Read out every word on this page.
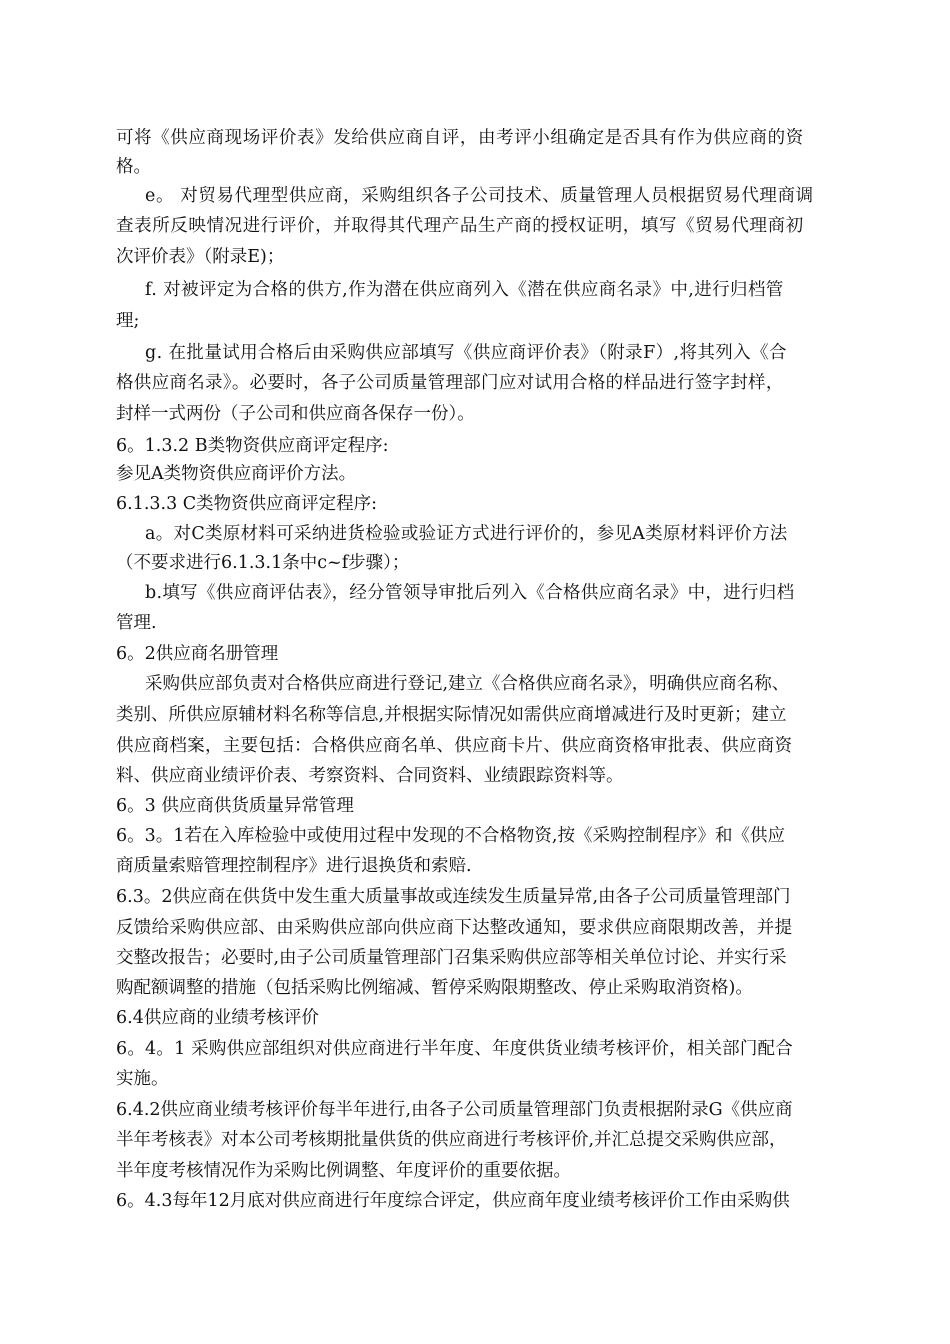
可将《供应商现场评价表》发给供应商自评，由考评小组确定是否具有作为供应商的资
格。
e。 对贸易代理型供应商，采购组织各子公司技术、质量管理人员根据贸易代理商调
查表所反映情况进行评价，并取得其代理产品生产商的授权证明，填写《贸易代理商初
次评价表》（附录E)；
f. 对被评定为合格的供方,作为潜在供应商列入《潜在供应商名录》中,进行归档管
理;
g. 在批量试用合格后由采购供应部填写《供应商评价表》（附录F）,将其列入《合
格供应商名录》。必要时，各子公司质量管理部门应对试用合格的样品进行签字封样，
封样一式两份（子公司和供应商各保存一份）。
6。1.3.2 B类物资供应商评定程序:
参见A类物资供应商评价方法。
6.1.3.3 C类物资供应商评定程序:
a。对C类原材料可采纳进货检验或验证方式进行评价的，参见A类原材料评价方法
（不要求进行6.1.3.1条中c~f步骤）；
b.填写《供应商评估表》，经分管领导审批后列入《合格供应商名录》中，进行归档
管理.
6。2供应商名册管理
采购供应部负责对合格供应商进行登记,建立《合格供应商名录》，明确供应商名称、
类别、所供应原辅材料名称等信息,并根据实际情况如需供应商增减进行及时更新；建立
供应商档案，主要包括：合格供应商名单、供应商卡片、供应商资格审批表、供应商资
料、供应商业绩评价表、考察资料、合同资料、业绩跟踪资料等。
6。3 供应商供货质量异常管理
6。3。1若在入库检验中或使用过程中发现的不合格物资,按《采购控制程序》和《供应
商质量索赔管理控制程序》进行退换货和索赔.
6.3。2供应商在供货中发生重大质量事故或连续发生质量异常,由各子公司质量管理部门
反馈给采购供应部、由采购供应部向供应商下达整改通知，要求供应商限期改善，并提
交整改报告；必要时,由子公司质量管理部门召集采购供应部等相关单位讨论、并实行采
购配额调整的措施（包括采购比例缩减、暂停采购限期整改、停止采购取消资格)。
6.4供应商的业绩考核评价
6。4。1 采购供应部组织对供应商进行半年度、年度供货业绩考核评价，相关部门配合
实施。
6.4.2供应商业绩考核评价每半年进行,由各子公司质量管理部门负责根据附录G《供应商
半年考核表》对本公司考核期批量供货的供应商进行考核评价,并汇总提交采购供应部，
半年度考核情况作为采购比例调整、年度评价的重要依据。
6。4.3每年12月底对供应商进行年度综合评定，供应商年度业绩考核评价工作由采购供
